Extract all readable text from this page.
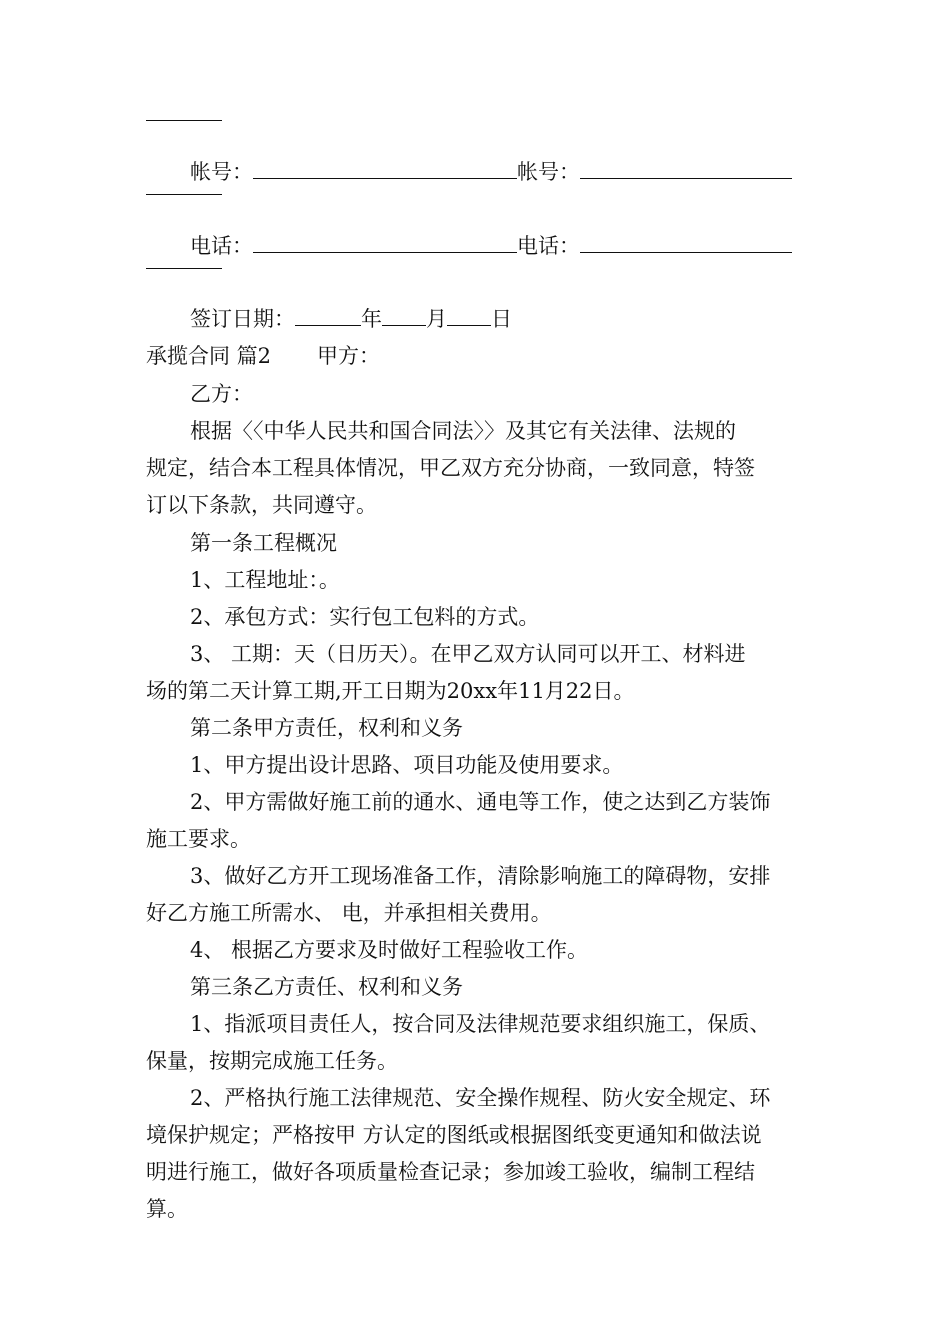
帐号：	帐号：
电话：	电话：
签订日期：	年 月 日
承揽合同 篇2 甲方：
乙方：
根据〈〈中华人民共和国合同法〉〉及其它有关法律、法规的
规定，结合本工程具体情况，甲乙双方充分协商，一致同意，特签
订以下条款，共同遵守。
第一条工程概况
1、工程地址：。
2、承包方式：实行包工包料的方式。
3、 工期：天（日历天）。在甲乙双方认同可以开工、材料进
场的第二天计算工期,开工日期为20xx年11月22日。
第二条甲方责任，权利和义务
1、甲方提出设计思路、项目功能及使用要求。
2、甲方需做好施工前的通水、通电等工作，使之达到乙方装饰
施工要求。
3、做好乙方开工现场准备工作，清除影响施工的障碍物，安排
好乙方施工所需水、 电，并承担相关费用。
4、 根据乙方要求及时做好工程验收工作。
第三条乙方责任、权利和义务
1、指派项目责任人，按合同及法律规范要求组织施工，保质、
保量，按期完成施工任务。
2、严格执行施工法律规范、安全操作规程、防火安全规定、环
境保护规定；严格按甲 方认定的图纸或根据图纸变更通知和做法说
明进行施工，做好各项质量检查记录；参加竣工验收，编制工程结
算。
